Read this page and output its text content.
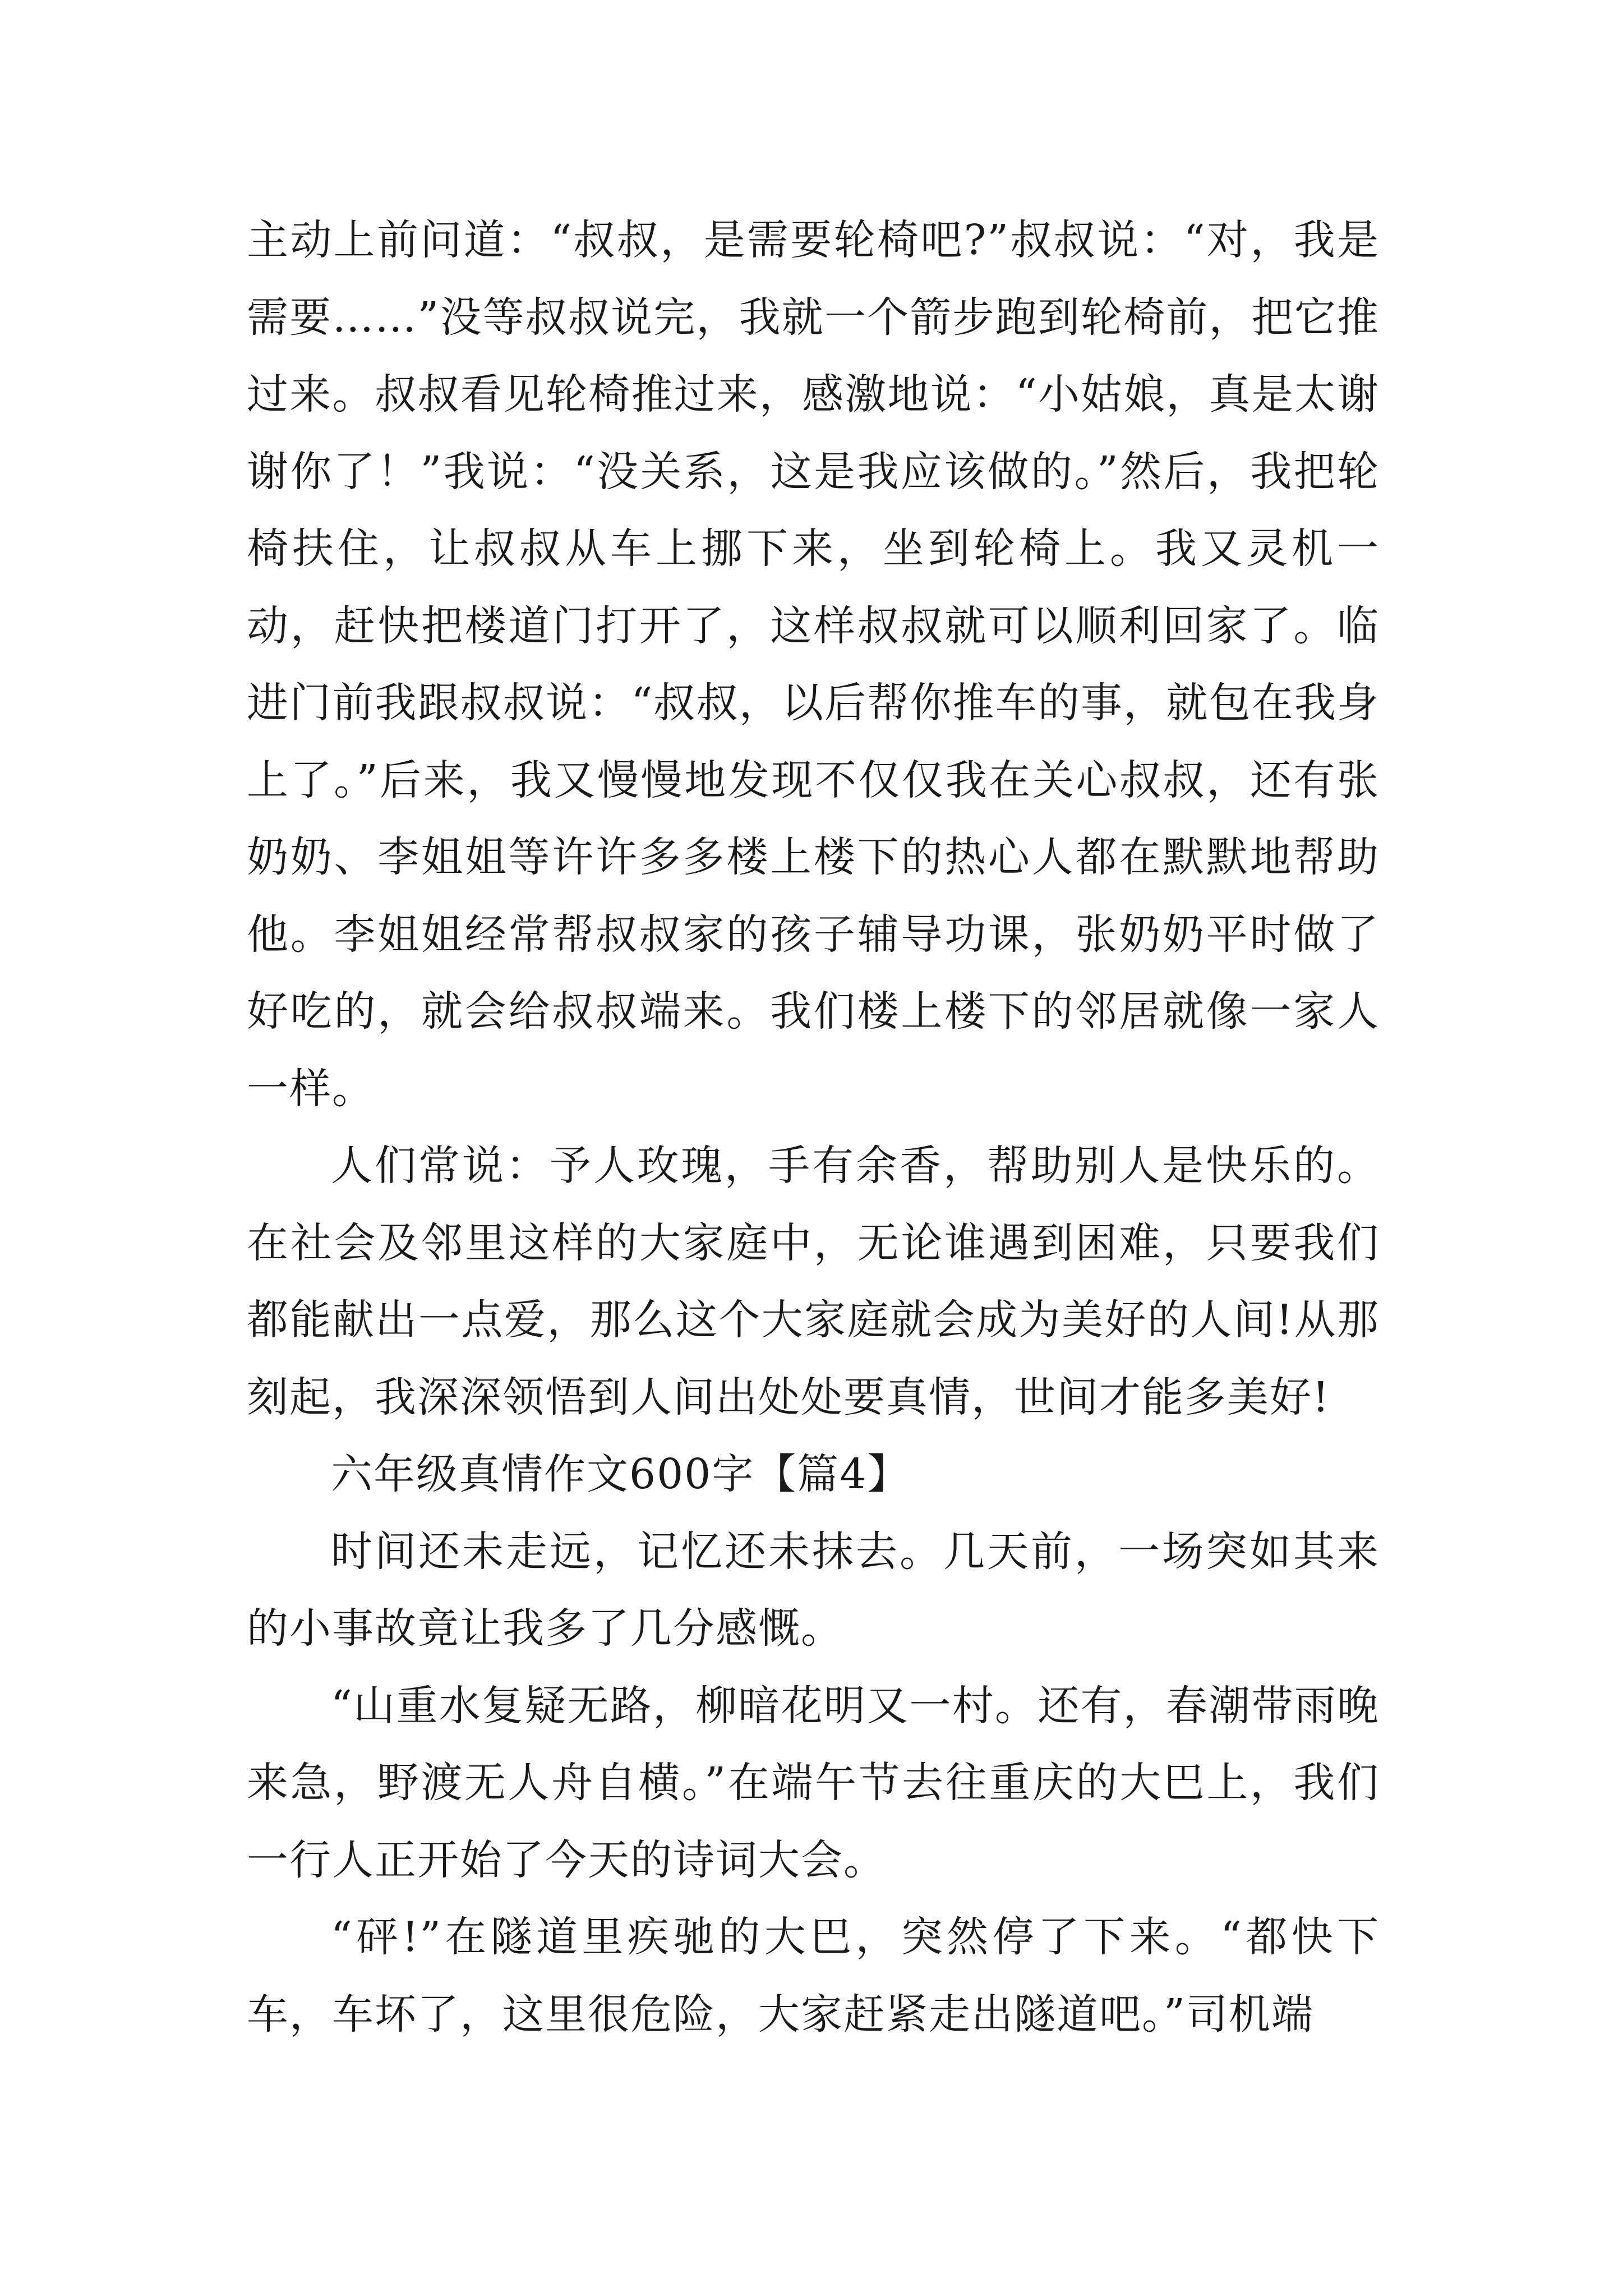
主动上前问道：“叔叔，是需要轮椅吧?”叔叔说：“对，我是需要……”没等叔叔说完，我就一个箭步跑到轮椅前，把它推过来。叔叔看见轮椅推过来，感激地说：“小姑娘，真是太谢谢你了！”我说：“没关系，这是我应该做的。”然后，我把轮椅扶住，让叔叔从车上挪下来，坐到轮椅上。我又灵机一动，赶快把楼道门打开了，这样叔叔就可以顺利回家了。临进门前我跟叔叔说：“叔叔，以后帮你推车的事，就包在我身上了。”后来，我又慢慢地发现不仅仅我在关心叔叔，还有张奶奶、李姐姐等许许多多楼上楼下的热心人都在默默地帮助他。李姐姐经常帮叔叔家的孩子辅导功课，张奶奶平时做了好吃的，就会给叔叔端来。我们楼上楼下的邻居就像一家人一样。

人们常说：予人玫瑰，手有余香，帮助别人是快乐的。在社会及邻里这样的大家庭中，无论谁遇到困难，只要我们都能献出一点爱，那么这个大家庭就会成为美好的人间!从那刻起，我深深领悟到人间出处处要真情，世间才能多美好!

六年级真情作文600字【篇4】

时间还未走远，记忆还未抹去。几天前，一场突如其来的小事故竟让我多了几分感慨。

“山重水复疑无路，柳暗花明又一村。还有，春潮带雨晚来急，野渡无人舟自横。”在端午节去往重庆的大巴上，我们一行人正开始了今天的诗词大会。

“砰!”在隧道里疾驰的大巴，突然停了下来。“都快下车，车坏了，这里很危险，大家赶紧走出隧道吧。”司机端
